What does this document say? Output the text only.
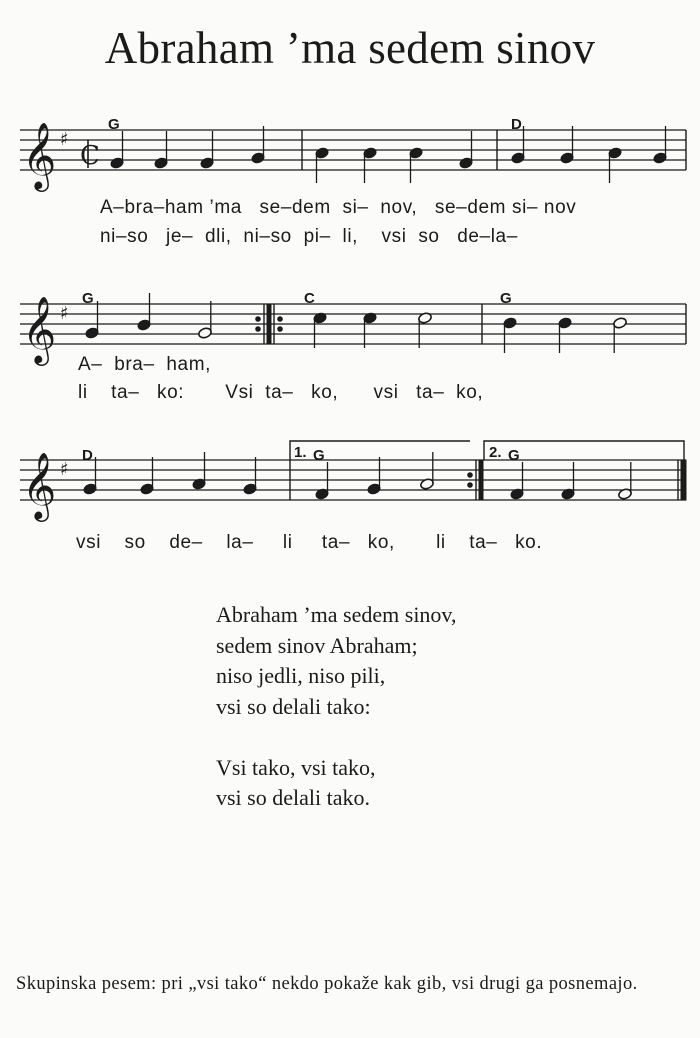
Abraham ’ma sedem sinov
𝄞 ♯
C
G	D
A–bra–ham ’ma   se–dem  si–  nov,   se–dem si– nov
ni–so   je–  dli,  ni–so  pi–  li,    vsi  so   de–la–
𝄞 ♯
G	C	G
A–  bra–  ham,
li    ta–   ko:       Vsi  ta–   ko,      vsi   ta–  ko,
𝄞 ♯
D	1. G	2. G
vsi    so    de–    la–     li     ta–   ko,       li    ta–   ko.
Abraham ’ma sedem sinov,
sedem sinov Abraham;
niso jedli, niso pili,
vsi so delali tako:
Vsi tako, vsi tako,
vsi so delali tako.
Skupinska pesem: pri „vsi tako“ nekdo pokaže kak gib, vsi drugi ga posnemajo.
